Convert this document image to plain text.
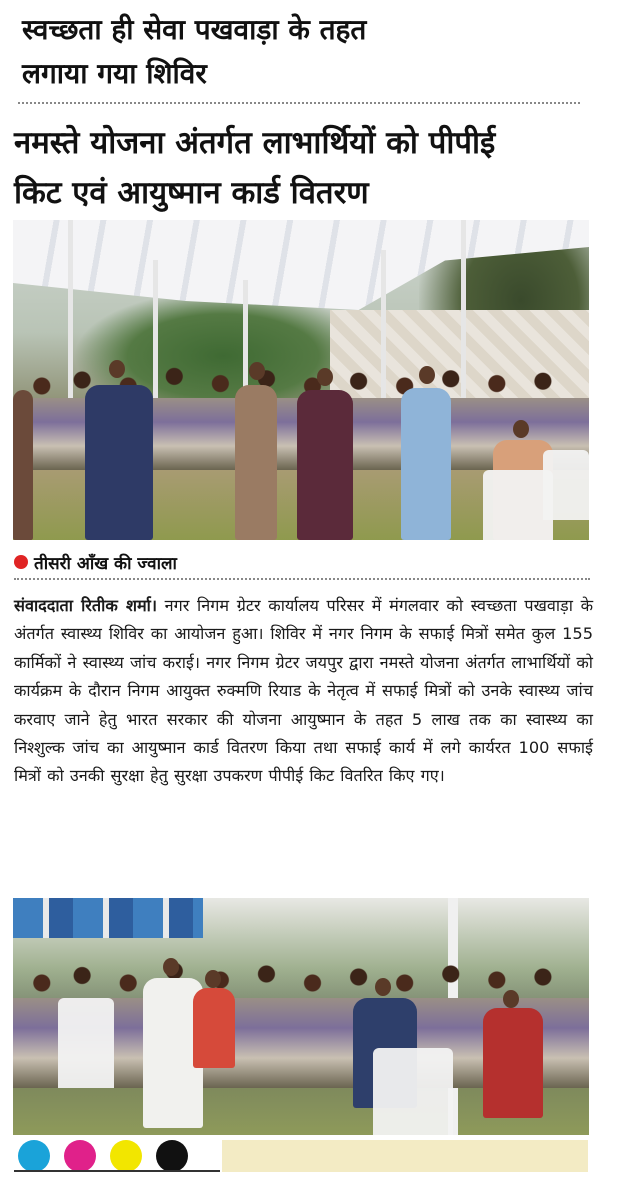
स्वच्छता ही सेवा पखवाड़ा के तहत
लगाया गया शिविर
नमस्ते योजना अंतर्गत लाभार्थियों को पीपीई
किट एवं आयुष्मान कार्ड वितरण
तीसरी आँख की ज्वाला
संवाददाता रितीक शर्मा। नगर निगम ग्रेटर कार्यालय परिसर में मंगलवार को स्वच्छता पखवाड़ा के अंतर्गत स्वास्थ्य शिविर का आयोजन हुआ। शिविर में नगर निगम के सफाई मित्रों समेत कुल 155 कार्मिकों ने स्वास्थ्य जांच कराई। नगर निगम ग्रेटर जयपुर द्वारा नमस्ते योजना अंतर्गत लाभार्थियों को कार्यक्रम के दौरान निगम आयुक्त रुक्मणि रियाड के नेतृत्व में सफाई मित्रों को उनके स्वास्थ्य जांच करवाए जाने हेतु भारत सरकार की योजना आयुष्मान के तहत 5 लाख तक का स्वास्थ्य का निश्शुल्क जांच का आयुष्मान कार्ड वितरण किया तथा सफाई कार्य में लगे कार्यरत 100 सफाई मित्रों को उनकी सुरक्षा हेतु सुरक्षा उपकरण पीपीई किट वितरित किए गए।
